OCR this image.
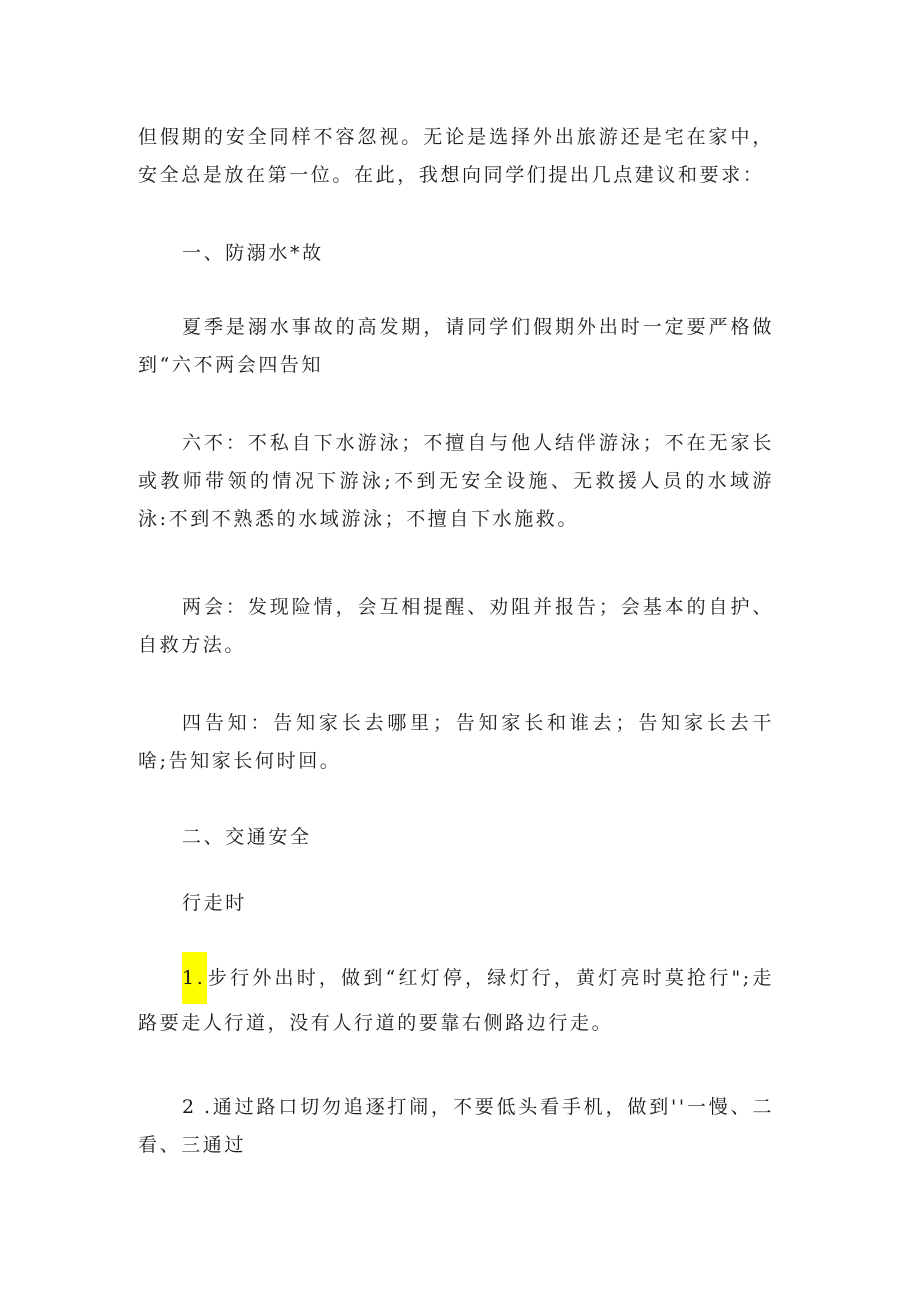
但假期的安全同样不容忽视。无论是选择外出旅游还是宅在家中，安全总是放在第一位。在此，我想向同学们提出几点建议和要求：

一、防溺水*故

夏季是溺水事故的高发期，请同学们假期外出时一定要严格做到“六不两会四告知

六不：不私自下水游泳；不擅自与他人结伴游泳；不在无家长或教师带领的情况下游泳;不到无安全设施、无救援人员的水域游泳:不到不熟悉的水域游泳；不擅自下水施救。

两会：发现险情，会互相提醒、劝阻并报告；会基本的自护、自救方法。

四告知：告知家长去哪里；告知家长和谁去；告知家长去干啥;告知家长何时回。

二、交通安全

行走时

1. 步行外出时，做到“红灯停，绿灯行，黄灯亮时莫抢行";走路要走人行道，没有人行道的要靠右侧路边行走。

2 .通过路口切勿追逐打闹，不要低头看手机，做到''一慢、二看、三通过
